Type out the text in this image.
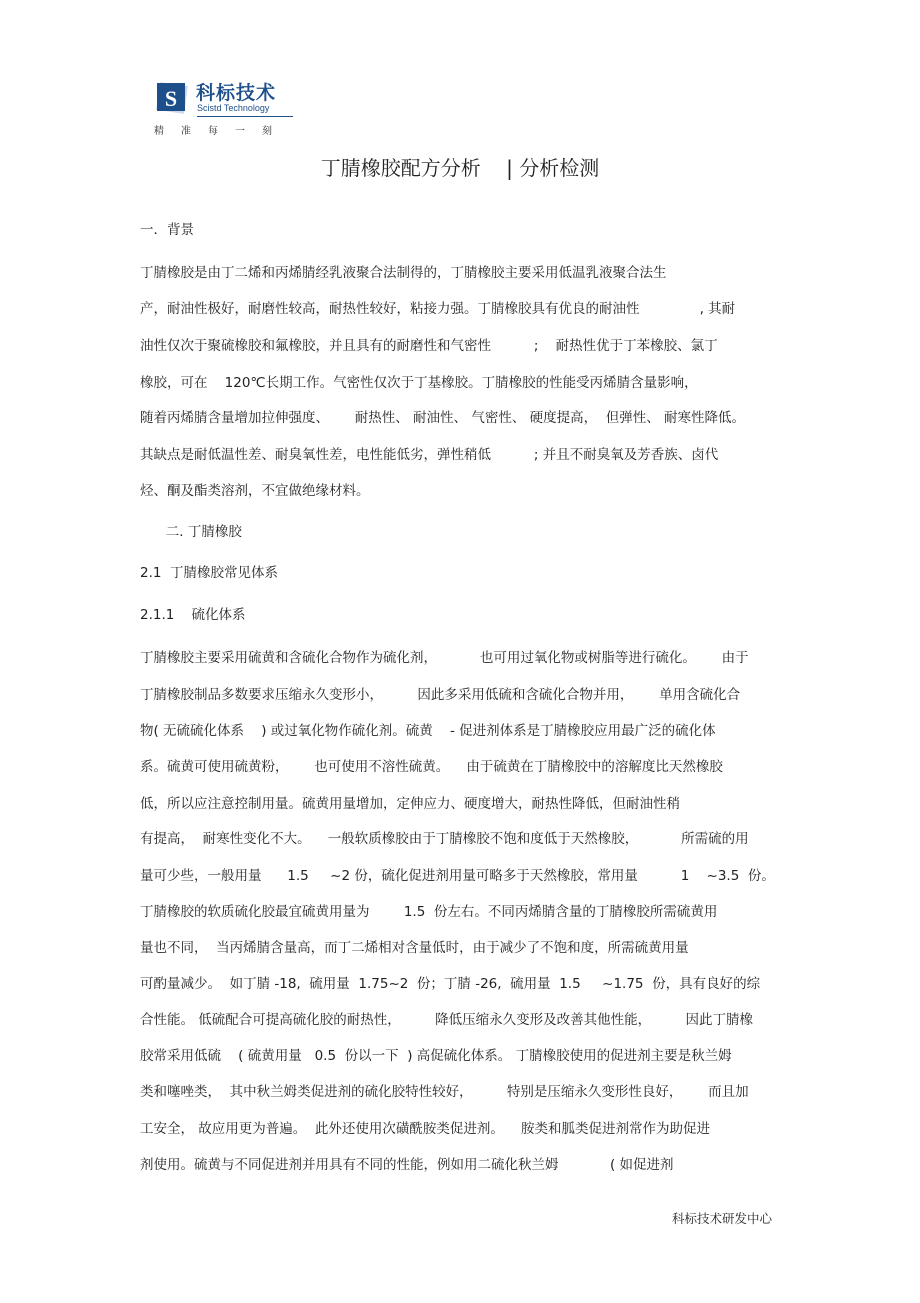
S 科标技术
Scistd Technology
精准每一刻
丁腈橡胶配方分析    | 分析检测
一．背景
丁腈橡胶是由丁二烯和丙烯腈经乳液聚合法制得的，丁腈橡胶主要采用低温乳液聚合法生
产，耐油性极好，耐磨性较高，耐热性较好，粘接力强。丁腈橡胶具有优良的耐油性              , 其耐
油性仅次于聚硫橡胶和氟橡胶，并且具有的耐磨性和气密性          ;    耐热性优于丁苯橡胶、氯丁
橡胶，可在    120℃长期工作。气密性仅次于丁基橡胶。丁腈橡胶的性能受丙烯腈含量影响，
随着丙烯腈含量增加拉伸强度、      耐热性、 耐油性、 气密性、 硬度提高，  但弹性、 耐寒性降低。
其缺点是耐低温性差、耐臭氧性差，电性能低劣，弹性稍低          ; 并且不耐臭氧及芳香族、卤代
烃、酮及酯类溶剂，不宜做绝缘材料。
二. 丁腈橡胶
2.1  丁腈橡胶常见体系
2.1.1    硫化体系
丁腈橡胶主要采用硫黄和含硫化合物作为硫化剂，          也可用过氧化物或树脂等进行硫化。      由于
丁腈橡胶制品多数要求压缩永久变形小，        因此多采用低硫和含硫化合物并用，      单用含硫化合
物( 无硫硫化体系    ) 或过氧化物作硫化剂。硫黄    - 促进剂体系是丁腈橡胶应用最广泛的硫化体
系。硫黄可使用硫黄粉，      也可使用不溶性硫黄。    由于硫黄在丁腈橡胶中的溶解度比天然橡胶
低，所以应注意控制用量。硫黄用量增加，定伸应力、硬度增大，耐热性降低，但耐油性稍
有提高，  耐寒性变化不大。    一般软质橡胶由于丁腈橡胶不饱和度低于天然橡胶，          所需硫的用
量可少些，一般用量      1.5     ~2 份，硫化促进剂用量可略多于天然橡胶，常用量          1    ~3.5  份。
丁腈橡胶的软质硫化胶最宜硫黄用量为        1.5  份左右。不同丙烯腈含量的丁腈橡胶所需硫黄用
量也不同，  当丙烯腈含量高，而丁二烯相对含量低时，由于减少了不饱和度，所需硫黄用量
可酌量减少。  如丁腈 -18,  硫用量  1.75~2  份；丁腈 -26,  硫用量  1.5     ~1.75  份，具有良好的综
合性能。 低硫配合可提高硫化胶的耐热性，        降低压缩永久变形及改善其他性能，        因此丁腈橡
胶常采用低硫    ( 硫黄用量   0.5  份以一下  ) 高促硫化体系。 丁腈橡胶使用的促进剂主要是秋兰姆
类和噻唑类，  其中秋兰姆类促进剂的硫化胶特性较好，        特别是压缩永久变形性良好，      而且加
工安全， 故应用更为普遍。  此外还使用次磺酰胺类促进剂。    胺类和胍类促进剂常作为助促进
剂使用。硫黄与不同促进剂并用具有不同的性能，例如用二硫化秋兰姆            ( 如促进剂
科标技术研发中心
